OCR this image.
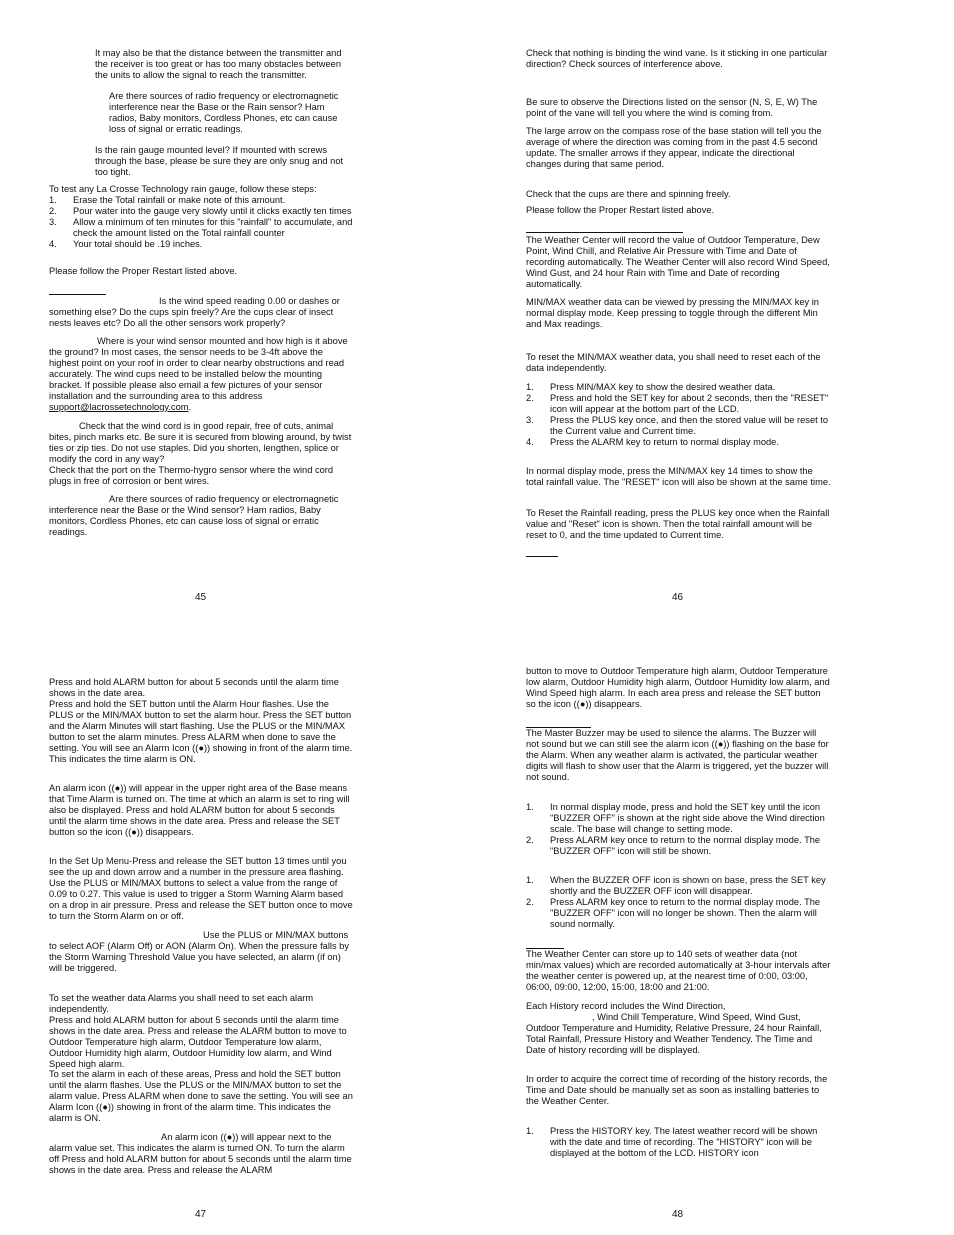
It may also be that the distance between the transmitter and the receiver is too great or has too many obstacles between the units to allow the signal to reach the transmitter.

Are there sources of radio frequency or electromagnetic interference near the Base or the Rain sensor? Ham radios, Baby monitors, Cordless Phones, etc can cause loss of signal or erratic readings.

Is the rain gauge mounted level? If mounted with screws through the base, please be sure they are only snug and not too tight.

To test any La Crosse Technology rain gauge, follow these steps:

1. Erase the Total rainfall or make note of this amount.
2. Pour water into the gauge very slowly until it clicks exactly ten times
3. Allow a minimum of ten minutes for this "rainfall" to accumulate, and check the amount listed on the Total rainfall counter
4. Your total should be .19 inches.

Please follow the Proper Restart listed above.

Is the wind speed reading 0.00 or dashes or something else? Do the cups spin freely? Are the cups clear of insect nests leaves etc? Do all the other sensors work properly?

Where is your wind sensor mounted and how high is it above the ground? In most cases, the sensor needs to be 3-4ft above the highest point on your roof in order to clear nearby obstructions and read accurately. The wind cups need to be installed below the mounting bracket. If possible please also email a few pictures of your sensor installation and the surrounding area to this address support@lacrossetechnology.com.

Check that the wind cord is in good repair, free of cuts, animal bites, pinch marks etc. Be sure it is secured from blowing around, by twist ties or zip ties. Do not use staples. Did you shorten, lengthen, splice or modify the cord in any way?

Check that the port on the Thermo-hygro sensor where the wind cord plugs in free of corrosion or bent wires.

Are there sources of radio frequency or electromagnetic interference near the Base or the Wind sensor? Ham radios, Baby monitors, Cordless Phones, etc can cause loss of signal or erratic readings.

45

Check that nothing is binding the wind vane. Is it sticking in one particular direction? Check sources of interference above.

Be sure to observe the Directions listed on the sensor (N, S, E, W) The point of the vane will tell you where the wind is coming from.

The large arrow on the compass rose of the base station will tell you the average of where the direction was coming from in the past 4.5 second update. The smaller arrows if they appear, indicate the directional changes during that same period.

Check that the cups are there and spinning freely.

Please follow the Proper Restart listed above.

The Weather Center will record the value of Outdoor Temperature, Dew Point, Wind Chill, and Relative Air Pressure with Time and Date of recording automatically. The Weather Center will also record Wind Speed, Wind Gust, and 24 hour Rain with Time and Date of recording automatically.

MIN/MAX weather data can be viewed by pressing the MIN/MAX key in normal display mode. Keep pressing to toggle through the different Min and Max readings.

To reset the MIN/MAX weather data, you shall need to reset each of the data independently.

1. Press MIN/MAX key to show the desired weather data.
2. Press and hold the SET key for about 2 seconds, then the "RESET" icon will appear at the bottom part of the LCD.
3. Press the PLUS key once, and then the stored value will be reset to the Current value and Current time.
4. Press the ALARM key to return to normal display mode.

In normal display mode, press the MIN/MAX key 14 times to show the total rainfall value. The "RESET" icon will also be shown at the same time.

To Reset the Rainfall reading, press the PLUS key once when the Rainfall value and "Reset" icon is shown. Then the total rainfall amount will be reset to 0, and the time updated to Current time.

46

Press and hold ALARM button for about 5 seconds until the alarm time shows in the date area.

Press and hold the SET button until the Alarm Hour flashes. Use the PLUS or the MIN/MAX button to set the alarm hour. Press the SET button and the Alarm Minutes will start flashing. Use the PLUS or the MIN/MAX button to set the alarm minutes. Press ALARM when done to save the setting. You will see an Alarm Icon ((●)) showing in front of the alarm time. This indicates the time alarm is ON.

An alarm icon ((●)) will appear in the upper right area of the Base means that Time Alarm is turned on. The time at which an alarm is set to ring will also be displayed. Press and hold ALARM button for about 5 seconds until the alarm time shows in the date area. Press and release the SET button so the icon ((●)) disappears.

In the Set Up Menu-Press and release the SET button 13 times until you see the up and down arrow and a number in the pressure area flashing. Use the PLUS or MIN/MAX buttons to select a value from the range of 0.09 to 0.27. This value is used to trigger a Storm Warning Alarm based on a drop in air pressure. Press and release the SET button once to move to turn the Storm Alarm on or off.

Use the PLUS or MIN/MAX buttons

to select AOF (Alarm Off) or AON (Alarm On). When the pressure falls by the Storm Warning Threshold Value you have selected, an alarm (if on) will be triggered.

To set the weather data Alarms you shall need to set each alarm independently.

Press and hold ALARM button for about 5 seconds until the alarm time shows in the date area. Press and release the ALARM button to move to Outdoor Temperature high alarm, Outdoor Temperature low alarm, Outdoor Humidity high alarm, Outdoor Humidity low alarm, and Wind Speed high alarm.

To set the alarm in each of these areas, Press and hold the SET button until the alarm flashes. Use the PLUS or the MIN/MAX button to set the alarm value. Press ALARM when done to save the setting. You will see an Alarm Icon ((●)) showing in front of the alarm time. This indicates the alarm is ON.

An alarm icon ((●)) will appear next to the

alarm value set. This indicates the alarm is turned ON. To turn the alarm off Press and hold ALARM button for about 5 seconds until the alarm time shows in the date area. Press and release the ALARM

47

button to move to Outdoor Temperature high alarm, Outdoor Temperature low alarm, Outdoor Humidity high alarm, Outdoor Humidity low alarm, and Wind Speed high alarm. In each area press and release the SET button so the icon ((●)) disappears.

The Master Buzzer may be used to silence the alarms. The Buzzer will not sound but we can still see the alarm icon ((●)) flashing on the base for the Alarm. When any weather alarm is activated, the particular weather digits will flash to show user that the Alarm is triggered, yet the buzzer will not sound.

1. In normal display mode, press and hold the SET key until the icon "BUZZER OFF" is shown at the right side above the Wind direction scale. The base will change to setting mode.
2. Press ALARM key once to return to the normal display mode. The "BUZZER OFF" icon will still be shown.
1. When the BUZZER OFF icon is shown on base, press the SET key shortly and the BUZZER OFF icon will disappear.
2. Press ALARM key once to return to the normal display mode. The "BUZZER OFF" icon will no longer be shown. Then the alarm will sound normally.

The Weather Center can store up to 140 sets of weather data (not min/max values) which are recorded automatically at 3-hour intervals after the weather center is powered up, at the nearest time of 0:00, 03:00, 06:00, 09:00, 12:00, 15:00, 18:00 and 21:00.

Each History record includes the Wind Direction,

, Wind Chill Temperature, Wind Speed, Wind Gust, Outdoor Temperature and Humidity, Relative Pressure, 24 hour Rainfall, Total Rainfall, Pressure History and Weather Tendency. The Time and Date of history recording will be displayed.

In order to acquire the correct time of recording of the history records, the Time and Date should be manually set as soon as installing batteries to the Weather Center.

1. Press the HISTORY key. The latest weather record will be shown with the date and time of recording. The "HISTORY" icon will be displayed at the bottom of the LCD. HISTORY icon
48
